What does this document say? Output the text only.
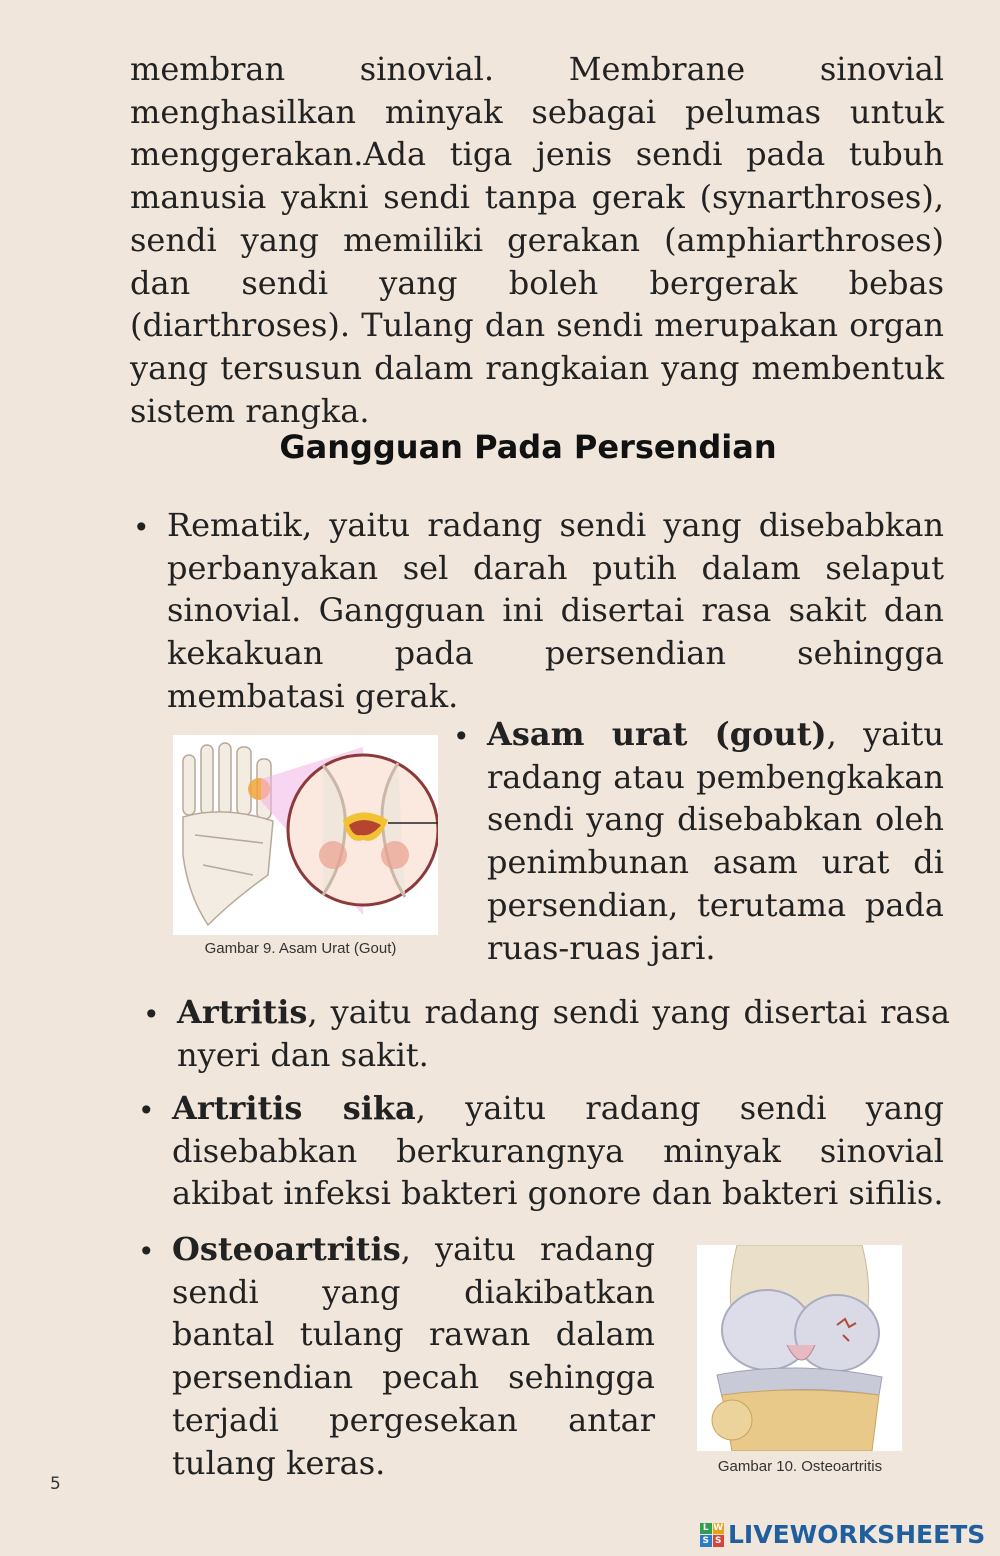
membran sinovial. Membrane sinovial menghasilkan minyak sebagai pelumas untuk menggerakan.Ada tiga jenis sendi pada tubuh manusia yakni sendi tanpa gerak (synarthroses), sendi yang memiliki gerakan (amphiarthroses) dan sendi yang boleh bergerak bebas (diarthroses). Tulang dan sendi merupakan organ yang tersusun dalam rangkaian yang membentuk sistem rangka.

Gangguan Pada Persendian
• Rematik, yaitu radang sendi yang disebabkan perbanyakan sel darah putih dalam selaput sinovial. Gangguan ini disertai rasa sakit dan kekakuan pada persendian sehingga membatasi gerak.

Gambar 9. Asam Urat (Gout)
• Asam urat (gout), yaitu radang atau pembengkakan sendi yang disebabkan oleh penimbunan asam urat di persendian, terutama pada ruas-ruas jari.

• Artritis, yaitu radang sendi yang disertai rasa nyeri dan sakit.

• Artritis sika, yaitu radang sendi yang disebabkan berkurangnya minyak sinovial akibat infeksi bakteri gonore dan bakteri sifilis.

• Osteoartritis, yaitu radang sendi yang diakibatkan bantal tulang rawan dalam persendian pecah sehingga terjadi pergesekan antar tulang keras.	Gambar 10. Osteoartritis
5
L W
S S LIVEWORKSHEETS
